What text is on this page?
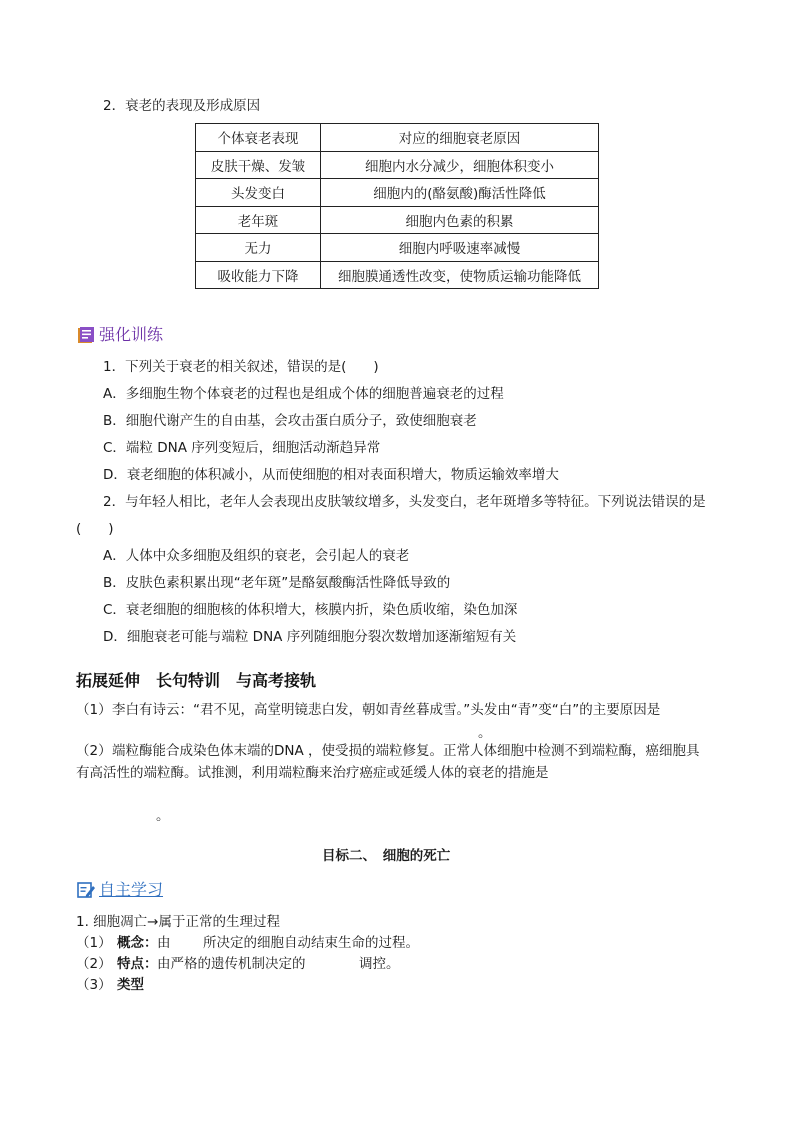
2．衰老的表现及形成原因
个体衰老表现	对应的细胞衰老原因
皮肤干燥、发皱	细胞内水分减少，细胞体积变小
头发变白	细胞内的(酪氨酸)酶活性降低
老年斑	细胞内色素的积累
无力	细胞内呼吸速率减慢
吸收能力下降	细胞膜通透性改变，使物质运输功能降低
强化训练
1．下列关于衰老的相关叙述，错误的是(　　)
A．多细胞生物个体衰老的过程也是组成个体的细胞普遍衰老的过程
B．细胞代谢产生的自由基，会攻击蛋白质分子，致使细胞衰老
C．端粒 DNA 序列变短后，细胞活动渐趋异常
D．衰老细胞的体积减小，从而使细胞的相对表面积增大，物质运输效率增大
2．与年轻人相比，老年人会表现出皮肤皱纹增多，头发变白，老年斑增多等特征。下列说法错误的是
(　　)
A．人体中众多细胞及组织的衰老，会引起人的衰老
B．皮肤色素积累出现“老年斑”是酪氨酸酶活性降低导致的
C．衰老细胞的细胞核的体积增大，核膜内折，染色质收缩，染色加深
D．细胞衰老可能与端粒 DNA 序列随细胞分裂次数增加逐渐缩短有关
拓展延伸　长句特训　与高考接轨
（1） 李白有诗云：“君不见，高堂明镜悲白发，朝如青丝暮成雪。”头发由“青”变“白”的主要原因是
。
（2） 端粒酶能合成染色体末端的DNA ，使受损的端粒修复。正常人体细胞中检测不到端粒酶，癌细胞具
有高活性的端粒酶。试推测，利用端粒酶来治疗癌症或延缓人体的衰老的措施是
。
目标二、　细胞的死亡
自主学习
1. 细胞凋亡→属于正常的生理过程
（1） 概念： 由 所决定的细胞自动结束生命的过程。
（2） 特点： 由严格的遗传机制决定的	调控。
（3） 类型
